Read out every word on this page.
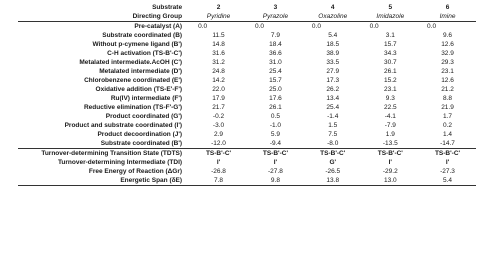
Substrate	2	3	4	5	6
Directing Group	Pyridine	Pyrazole	Oxazoline	Imidazole	Imine
Pre-catalyst (A)	0.0	0.0	0.0	0.0	0.0
Substrate coordinated (B)	11.5	7.9	5.4	3.1	9.6
Without p-cymene ligand (B')	14.8	18.4	18.5	15.7	12.6
C-H activation (TS-B'-C')	31.6	36.6	38.9	34.3	32.9
Metalated intermediate.AcOH (C')	31.2	31.0	33.5	30.7	29.3
Metalated intermediate (D')	24.8	25.4	27.9	26.1	23.1
Chlorobenzene coordinated (E')	14.2	15.7	17.3	15.2	12.6
Oxidative addition (TS-E'-F')	22.0	25.0	26.2	23.1	21.2
Ru(IV) intermediate (F')	17.9	17.6	13.4	9.3	8.8
Reductive elimination (TS-F'-G')	21.7	26.1	25.4	22.5	21.9
Product coordinated (G')	-0.2	0.5	-1.4	-4.1	1.7
Product and substrate coordinated (I')	-3.0	-1.0	1.5	-7.9	0.2
Product decoordination (J')	2.9	5.9	7.5	1.9	1.4
Substrate coordinated (B')	-12.0	-9.4	-8.0	-13.5	-14.7
Turnover-determining Transition State (TDTS)	TS-B'-C'	TS-B'-C'	TS-B'-C'	TS-B'-C'	TS-B'-C'
Turnover-determining Intermediate (TDI)	I'	I'	G'	I'	I'
Free Energy of Reaction (ΔGr)	-26.8	-27.8	-26.5	-29.2	-27.3
Energetic Span (δE)	7.8	9.8	13.8	13.0	5.4
